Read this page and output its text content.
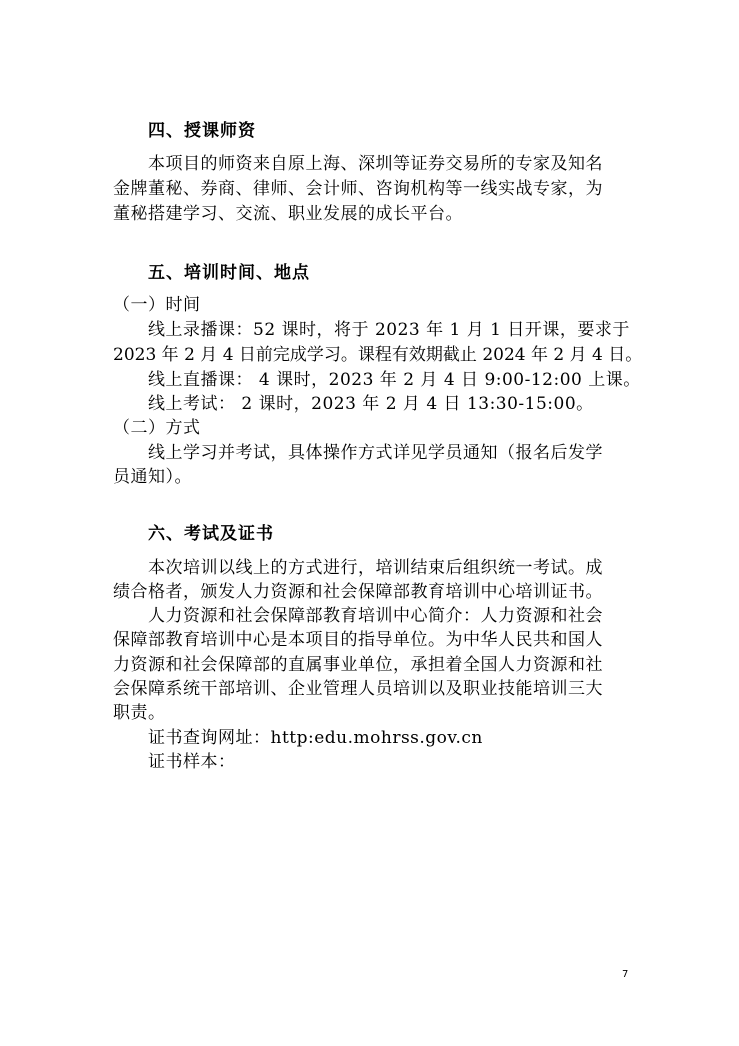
四、授课师资
本项目的师资来自原上海、深圳等证券交易所的专家及知名
金牌董秘、券商、律师、会计师、咨询机构等一线实战专家，为
董秘搭建学习、交流、职业发展的成长平台。
五、培训时间、地点
（一）时间
线上录播课：52 课时，将于 2023 年 1 月 1 日开课，要求于
2023 年 2 月 4 日前完成学习。课程有效期截止 2024 年 2 月 4 日。
线上直播课： 4 课时，2023 年 2 月 4 日 9:00-12:00 上课。
线上考试： 2 课时，2023 年 2 月 4 日 13:30-15:00。
（二）方式
线上学习并考试，具体操作方式详见学员通知（报名后发学
员通知）。
六、考试及证书
本次培训以线上的方式进行，培训结束后组织统一考试。成
绩合格者，颁发人力资源和社会保障部教育培训中心培训证书。
人力资源和社会保障部教育培训中心简介：人力资源和社会
保障部教育培训中心是本项目的指导单位。为中华人民共和国人
力资源和社会保障部的直属事业单位，承担着全国人力资源和社
会保障系统干部培训、企业管理人员培训以及职业技能培训三大
职责。
证书查询网址：http:edu.mohrss.gov.cn
证书样本：
7
